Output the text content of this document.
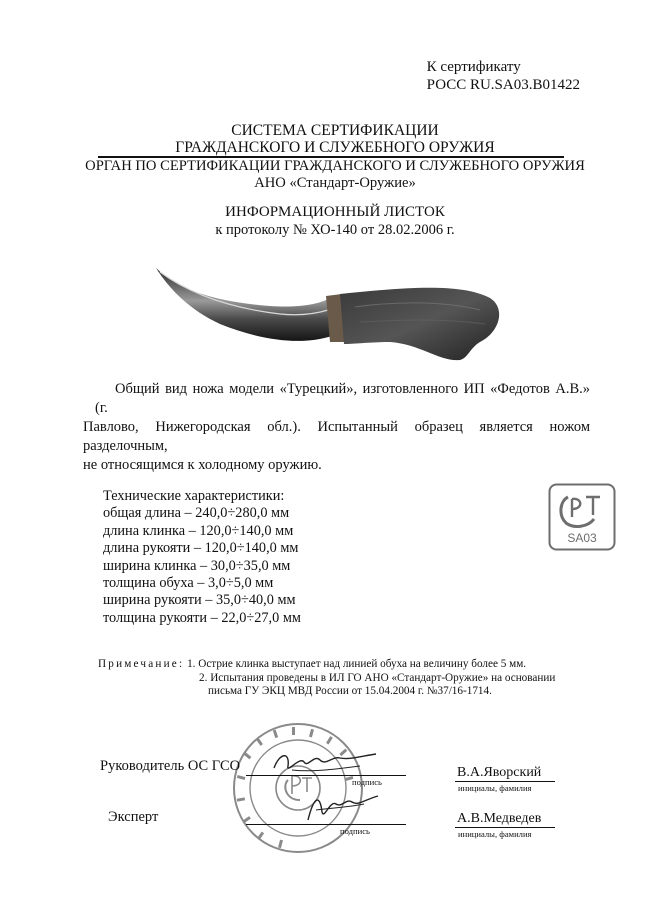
К сертификату
РОСС RU.SA03.B01422
СИСТЕМА СЕРТИФИКАЦИИ
ГРАЖДАНСКОГО И СЛУЖЕБНОГО ОРУЖИЯ
ОРГАН ПО СЕРТИФИКАЦИИ ГРАЖДАНСКОГО И СЛУЖЕБНОГО ОРУЖИЯ
АНО «Стандарт-Оружие»
ИНФОРМАЦИОННЫЙ ЛИСТОК
к протоколу № ХО-140 от 28.02.2006 г.
Общий вид ножа модели «Турецкий», изготовленного ИП «Федотов А.В.» (г.
Павлово, Нижегородская обл.). Испытанный образец является ножом разделочным,
не относящимся к холодному оружию.
Технические характеристики:
общая длина – 240,0÷280,0 мм
длина клинка – 120,0÷140,0 мм
длина рукояти – 120,0÷140,0 мм
ширина клинка – 30,0÷35,0 мм
толщина обуха – 3,0÷5,0 мм
ширина рукояти – 35,0÷40,0 мм
толщина рукояти – 22,0÷27,0 мм
SA03
Примечание: 1. Острие клинка выступает над линией обуха на величину более 5 мм.
2. Испытания проведены в ИЛ ГО АНО «Стандарт-Оружие» на основании
письма ГУ ЭКЦ МВД России от 15.04.2004 г. №37/16-1714.
Руководитель ОС ГСО
подпись
В.А.Яворский
инициалы, фамилия
Эксперт
подпись
А.В.Медведев
инициалы, фамилия
